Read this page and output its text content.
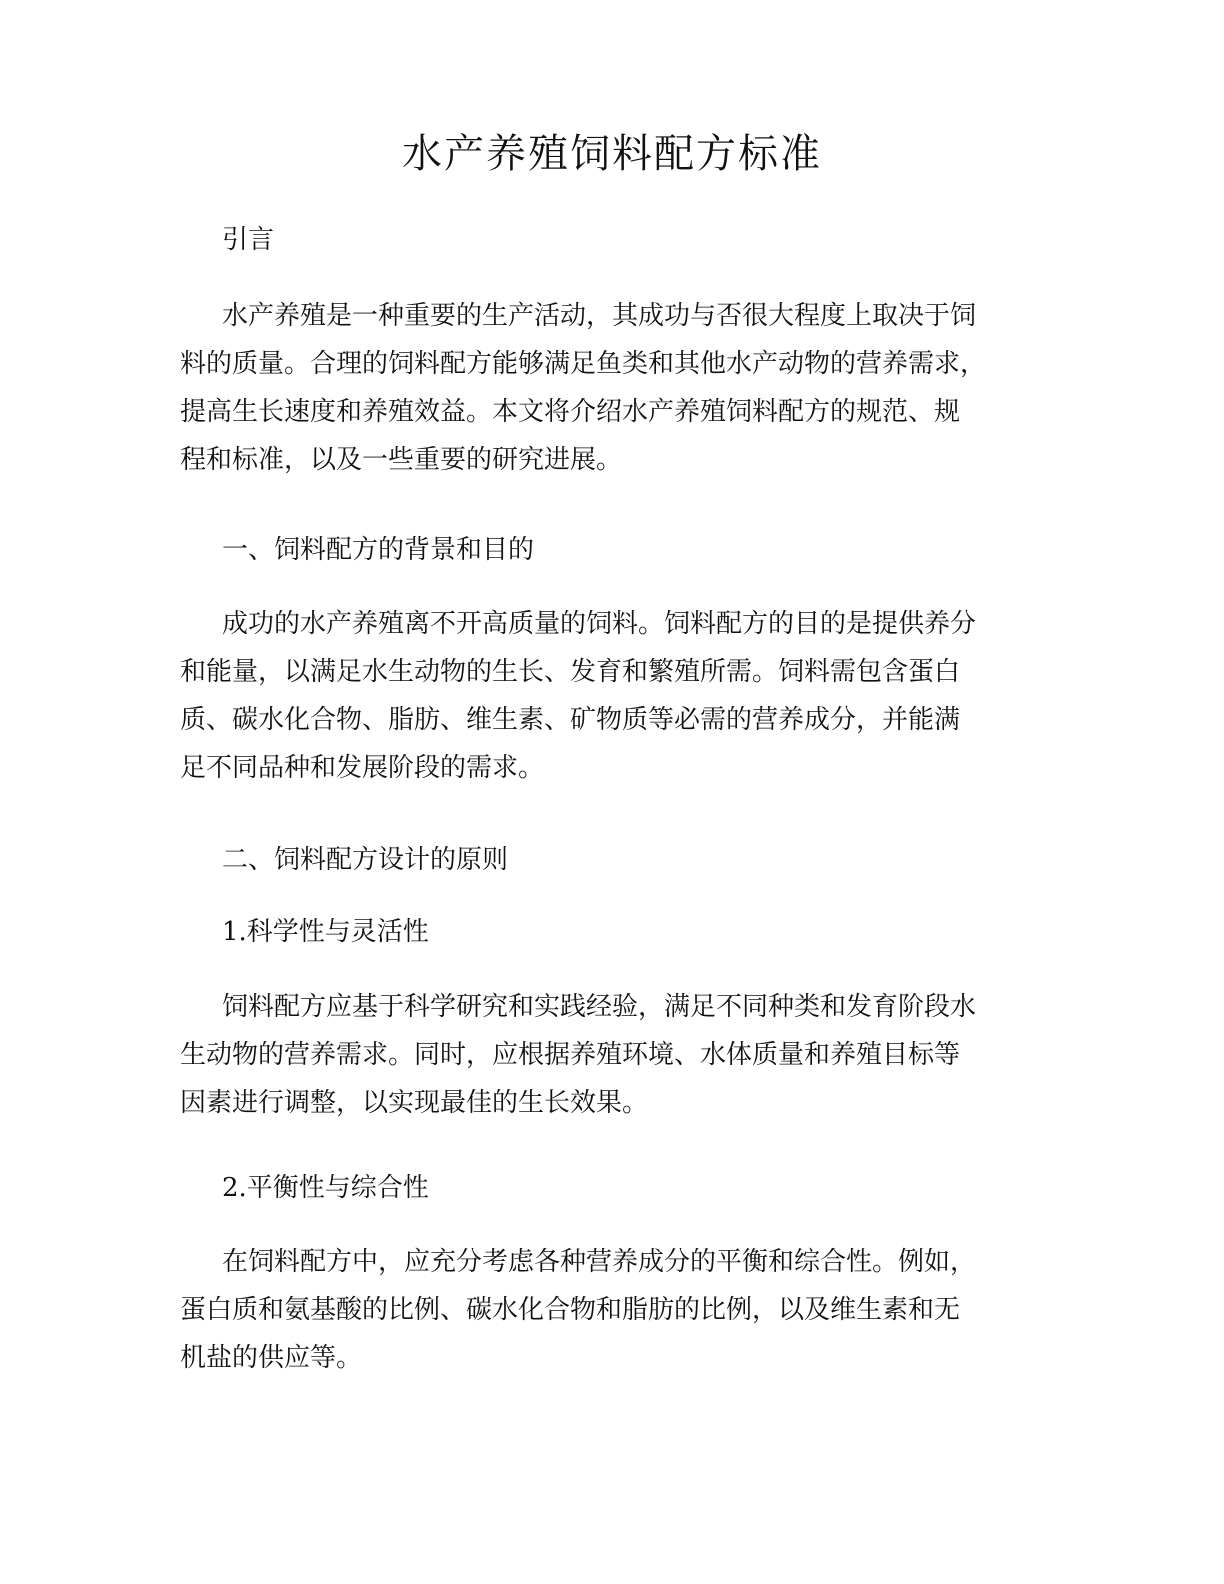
水产养殖饲料配方标准
引言
水产养殖是一种重要的生产活动，其成功与否很大程度上取决于饲
料的质量。合理的饲料配方能够满足鱼类和其他水产动物的营养需求，
提高生长速度和养殖效益。本文将介绍水产养殖饲料配方的规范、规
程和标准，以及一些重要的研究进展。
一、饲料配方的背景和目的
成功的水产养殖离不开高质量的饲料。饲料配方的目的是提供养分
和能量，以满足水生动物的生长、发育和繁殖所需。饲料需包含蛋白
质、碳水化合物、脂肪、维生素、矿物质等必需的营养成分，并能满
足不同品种和发展阶段的需求。
二、饲料配方设计的原则
1.科学性与灵活性
饲料配方应基于科学研究和实践经验，满足不同种类和发育阶段水
生动物的营养需求。同时，应根据养殖环境、水体质量和养殖目标等
因素进行调整，以实现最佳的生长效果。
2.平衡性与综合性
在饲料配方中，应充分考虑各种营养成分的平衡和综合性。例如，
蛋白质和氨基酸的比例、碳水化合物和脂肪的比例，以及维生素和无
机盐的供应等。
